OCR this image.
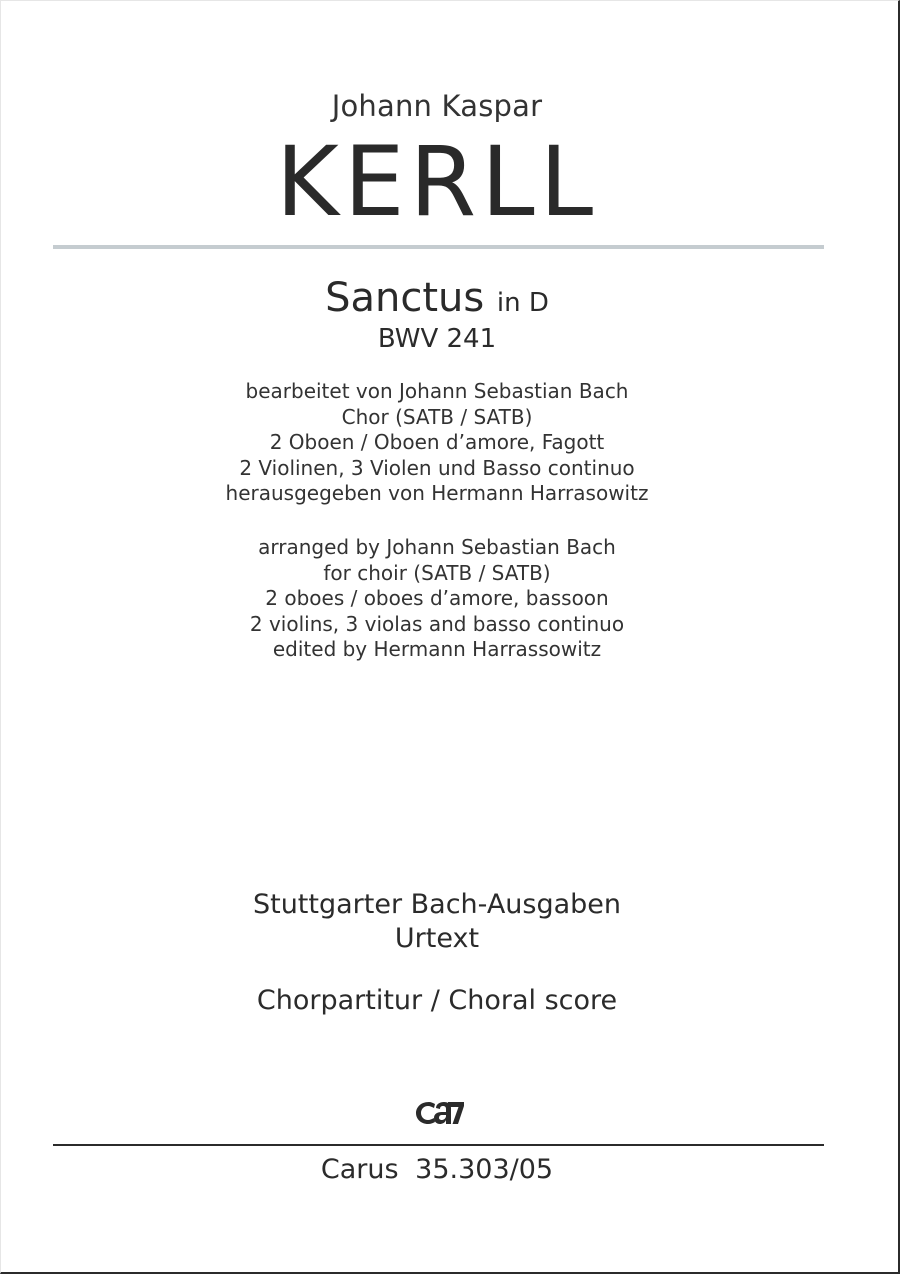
Johann Kaspar
KERLL
Sanctus in D
BWV 241
bearbeitet von Johann Sebastian Bach
Chor (SATB / SATB)
2 Oboen / Oboen d’amore, Fagott
2 Violinen, 3 Violen und Basso continuo
herausgegeben von Hermann Harrasowitz
arranged by Johann Sebastian Bach
for choir (SATB / SATB)
2 oboes / oboes d’amore, bassoon
2 violins, 3 violas and basso continuo
edited by Hermann Harrassowitz
Stuttgarter Bach-Ausgaben
Urtext
Chorpartitur / Choral score
Carus 35.303/05
